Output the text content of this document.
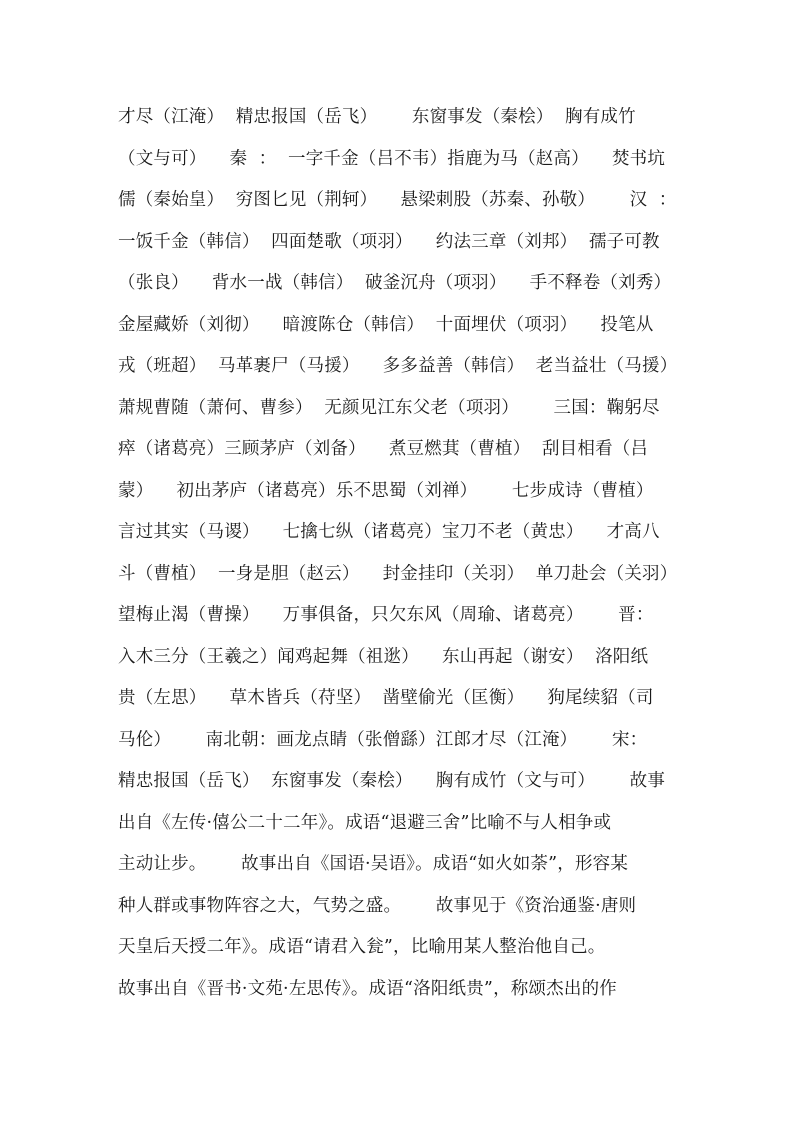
才尽（江淹）  精忠报国（岳飞）      东窗事发（秦桧）  胸有成竹
（文与可）    秦  ：  一字千金（吕不韦）指鹿为马（赵高）    焚书坑
儒（秦始皇）  穷图匕见（荆轲）    悬梁刺股（苏秦、孙敬）      汉  ：
一饭千金（韩信）  四面楚歌（项羽）    约法三章（刘邦）  孺子可教
（张良）    背水一战（韩信）  破釜沉舟（项羽）    手不释卷（刘秀）
金屋藏娇（刘彻）    暗渡陈仓（韩信）  十面埋伏（项羽）    投笔从
戎（班超）  马革裹尸（马援）    多多益善（韩信）  老当益壮（马援）
萧规曹随（萧何、曹参）  无颜见江东父老（项羽）      三国：鞠躬尽
瘁（诸葛亮）三顾茅庐（刘备）    煮豆燃萁（曹植）  刮目相看（吕
蒙）    初出茅庐（诸葛亮）乐不思蜀（刘禅）      七步成诗（曹植）
言过其实（马谡）    七擒七纵（诸葛亮）宝刀不老（黄忠）    才高八
斗（曹植）  一身是胆（赵云）    封金挂印（关羽）  单刀赴会（关羽）
望梅止渴（曹操）    万事俱备，只欠东风（周瑜、诸葛亮）      晋：
入木三分（王羲之）闻鸡起舞（祖逖）    东山再起（谢安）  洛阳纸
贵（左思）    草木皆兵（苻坚）  凿壁偷光（匡衡）    狗尾续貂（司
马伦）      南北朝：画龙点睛（张僧繇）江郎才尽（江淹）      宋：
精忠报国（岳飞）  东窗事发（秦桧）    胸有成竹（文与可）      故事
出自《左传·僖公二十二年》。成语“退避三舍”比喻不与人相争或
主动让步。      故事出自《国语·吴语》。成语“如火如荼”，形容某
种人群或事物阵容之大，气势之盛。      故事见于《资治通鉴·唐则
天皇后天授二年》。成语“请君入瓮”，比喻用某人整治他自己。
故事出自《晋书·文苑·左思传》。成语“洛阳纸贵”，称颂杰出的作
